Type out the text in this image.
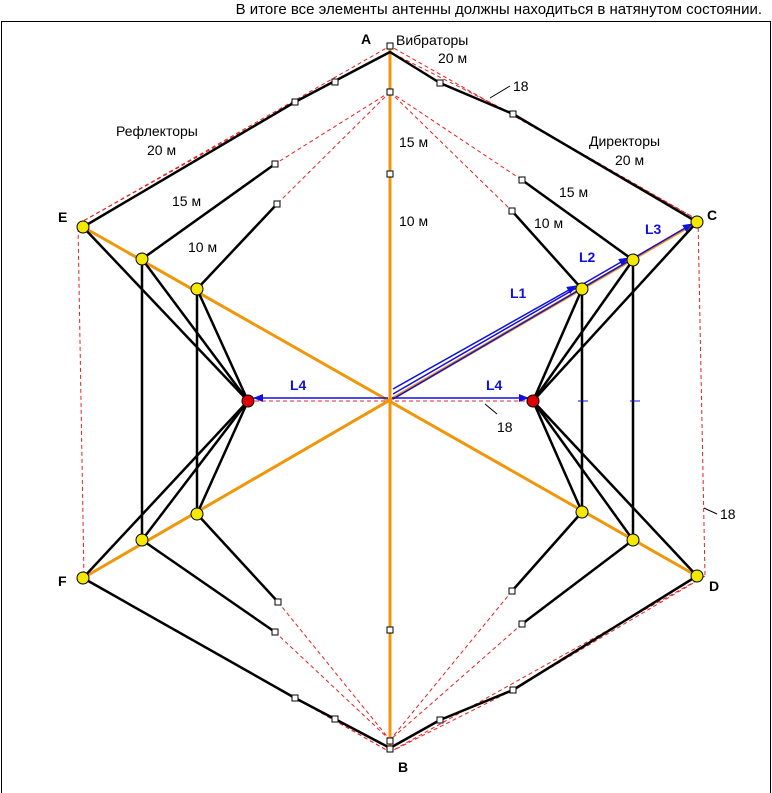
В итоге все элементы антенны должны находиться в натянутом состоянии.
A
B
C
D
E
F
Вибраторы
20 м
Рефлекторы
20 м
Директоры
20 м
15 м
10 м
15 м
10 м
15 м
10 м
18
18
18
L1
L2
L3
L4	L4
